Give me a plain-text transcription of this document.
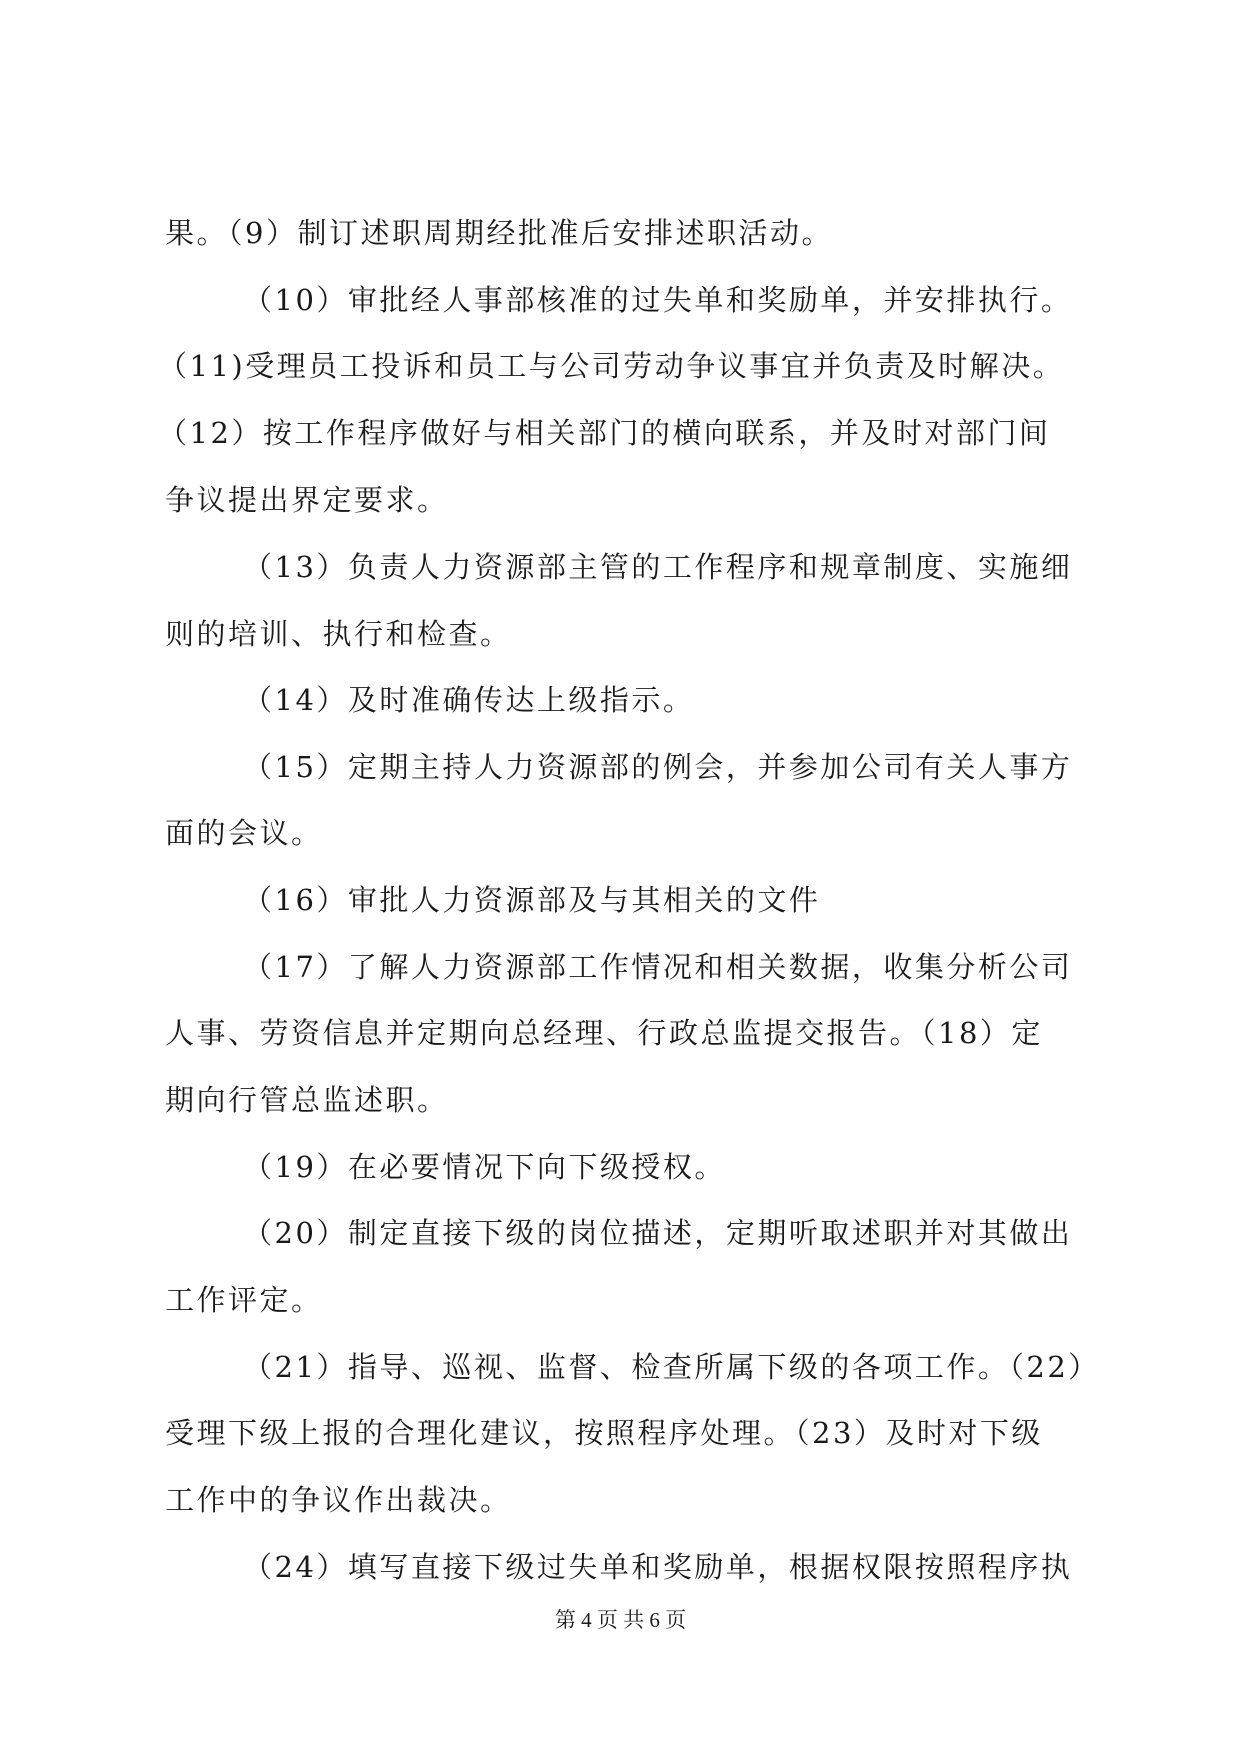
果。（9）制订述职周期经批准后安排述职活动。
（10）审批经人事部核准的过失单和奖励单，并安排执行。
（11)受理员工投诉和员工与公司劳动争议事宜并负责及时解决。
（12）按工作程序做好与相关部门的横向联系，并及时对部门间
争议提出界定要求。
（13）负责人力资源部主管的工作程序和规章制度、实施细
则的培训、执行和检查。
（14）及时准确传达上级指示。
（15）定期主持人力资源部的例会，并参加公司有关人事方
面的会议。
（16）审批人力资源部及与其相关的文件
（17）了解人力资源部工作情况和相关数据，收集分析公司
人事、劳资信息并定期向总经理、行政总监提交报告。（18）定
期向行管总监述职。
（19）在必要情况下向下级授权。
（20）制定直接下级的岗位描述，定期听取述职并对其做出
工作评定。
（21）指导、巡视、监督、检查所属下级的各项工作。（22）
受理下级上报的合理化建议，按照程序处理。（23）及时对下级
工作中的争议作出裁决。
（24）填写直接下级过失单和奖励单，根据权限按照程序执
第 4 页 共 6 页
